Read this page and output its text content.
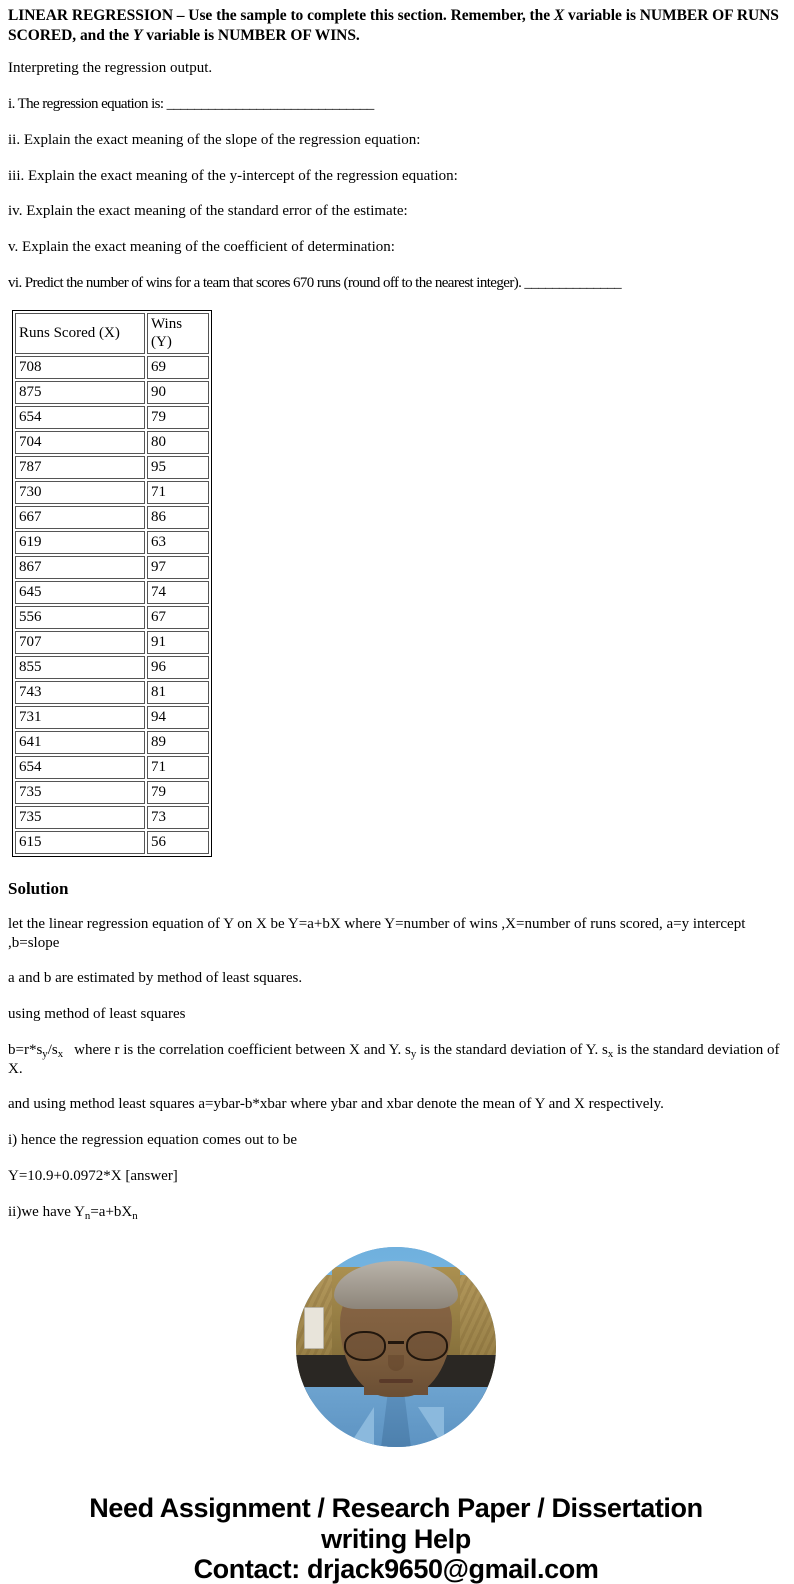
LINEAR REGRESSION – Use the sample to complete this section. Remember, the X variable is NUMBER OF RUNS SCORED, and the Y variable is NUMBER OF WINS.

Interpreting the regression output.

i. The regression equation is: ______________________________

ii. Explain the exact meaning of the slope of the regression equation:

iii. Explain the exact meaning of the y-intercept of the regression equation:

iv. Explain the exact meaning of the standard error of the estimate:

v. Explain the exact meaning of the coefficient of determination:

vi. Predict the number of wins for a team that scores 670 runs (round off to the nearest integer). ______________

Runs Scored (X)	Wins (Y)
708	69
875	90
654	79
704	80
787	95
730	71
667	86
619	63
867	97
645	74
556	67
707	91
855	96
743	81
731	94
641	89
654	71
735	79
735	73
615	56
Solution

let the linear regression equation of Y on X be Y=a+bX where Y=number of wins ,X=number of runs scored, a=y intercept ,b=slope

a and b are estimated by method of least squares.

using method of least squares

$b=r*s_y/s_x$ where r is the correlation coefficient between X and Y. $s_y$ is the standard deviation of Y. $s_x$ is the standard deviation of X.

and using method least squares a=ybar-b*xbar where ybar and xbar denote the mean of Y and X respectively.

i) hence the regression equation comes out to be

Y=10.9+0.0972*X [answer]

ii)we have $Y_n=a+bX_n$

Need Assignment / Research Paper / Dissertation
writing Help
Contact: drjack9650@gmail.com
